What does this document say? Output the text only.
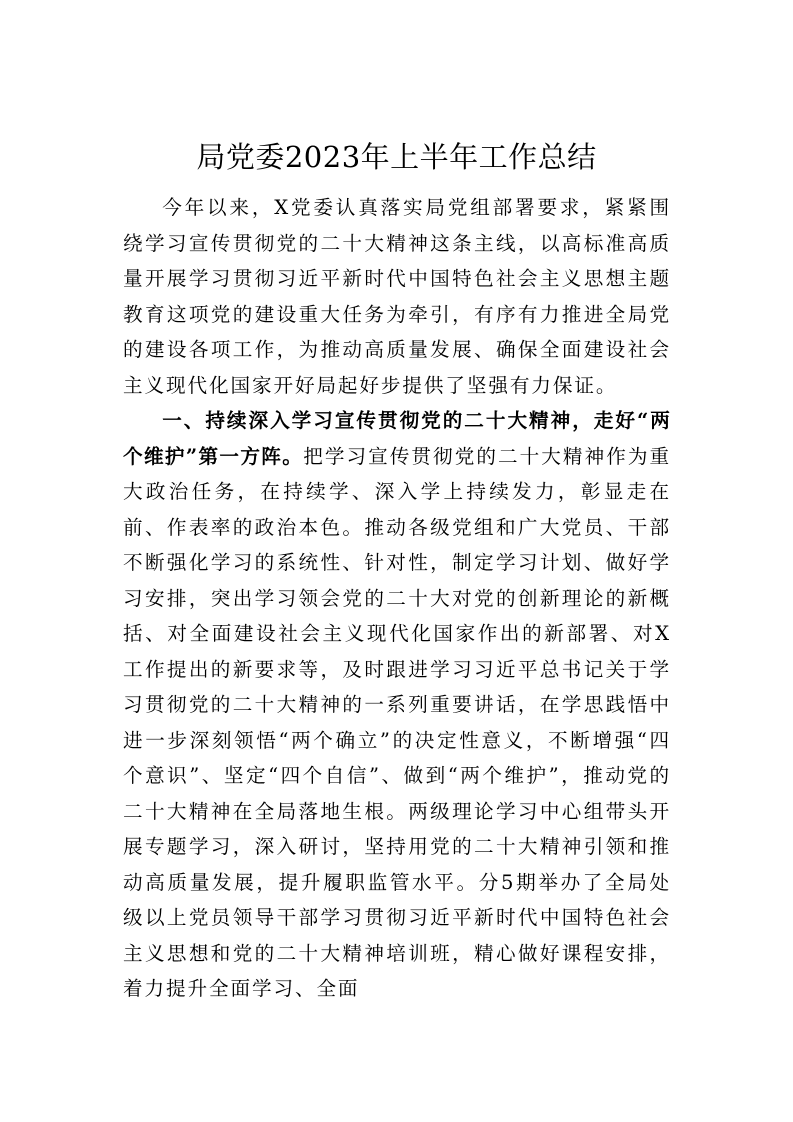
局党委2023年上半年工作总结

今年以来，X党委认真落实局党组部署要求，紧紧围绕学习宣传贯彻党的二十大精神这条主线，以高标准高质量开展学习贯彻习近平新时代中国特色社会主义思想主题教育这项党的建设重大任务为牵引，有序有力推进全局党的建设各项工作，为推动高质量发展、确保全面建设社会主义现代化国家开好局起好步提供了坚强有力保证。

一、持续深入学习宣传贯彻党的二十大精神，走好“两个维护”第一方阵。把学习宣传贯彻党的二十大精神作为重大政治任务，在持续学、深入学上持续发力，彰显走在前、作表率的政治本色。推动各级党组和广大党员、干部不断强化学习的系统性、针对性，制定学习计划、做好学习安排，突出学习领会党的二十大对党的创新理论的新概括、对全面建设社会主义现代化国家作出的新部署、对X工作提出的新要求等，及时跟进学习习近平总书记关于学习贯彻党的二十大精神的一系列重要讲话，在学思践悟中进一步深刻领悟“两个确立”的决定性意义，不断增强“四个意识”、坚定“四个自信”、做到“两个维护”，推动党的二十大精神在全局落地生根。两级理论学习中心组带头开展专题学习，深入研讨，坚持用党的二十大精神引领和推动高质量发展，提升履职监管水平。分5期举办了全局处级以上党员领导干部学习贯彻习近平新时代中国特色社会主义思想和党的二十大精神培训班，精心做好课程安排，着力提升全面学习、全面
